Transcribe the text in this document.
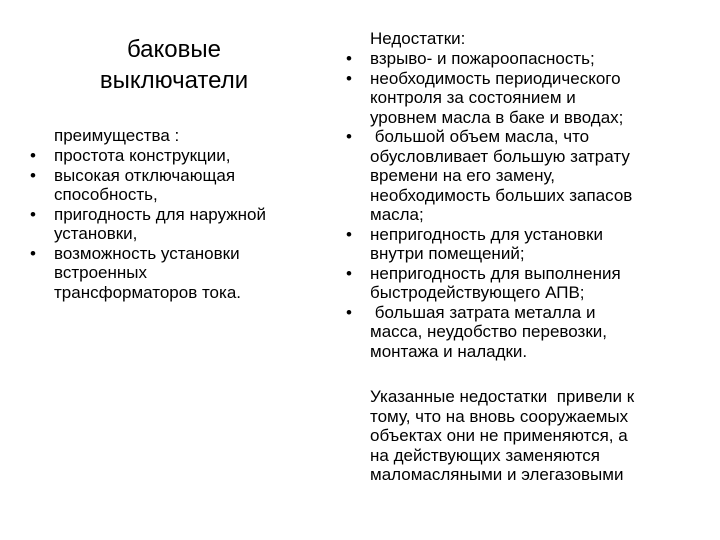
баковые
выключатели
преимущества :
• простота конструкции,
• высокая отключающая
способность,
• пригодность для наружной
установки,
• возможность установки
встроенных
трансформаторов тока.
Недостатки:
• взрыво- и пожароопасность;
• необходимость периодического
контроля за состоянием и
уровнем масла в баке и вводах;
• большой объем масла, что
обусловливает большую затрату
времени на его замену,
необходимость больших запасов
масла;
• непригодность для установки
внутри помещений;
• непригодность для выполнения
быстродействующего АПВ;
• большая затрата металла и
масса, неудобство перевозки,
монтажа и наладки.
Указанные недостатки  привели к
тому, что на вновь сооружаемых
объектах они не применяются, а
на действующих заменяются
маломасляными и элегазовыми
